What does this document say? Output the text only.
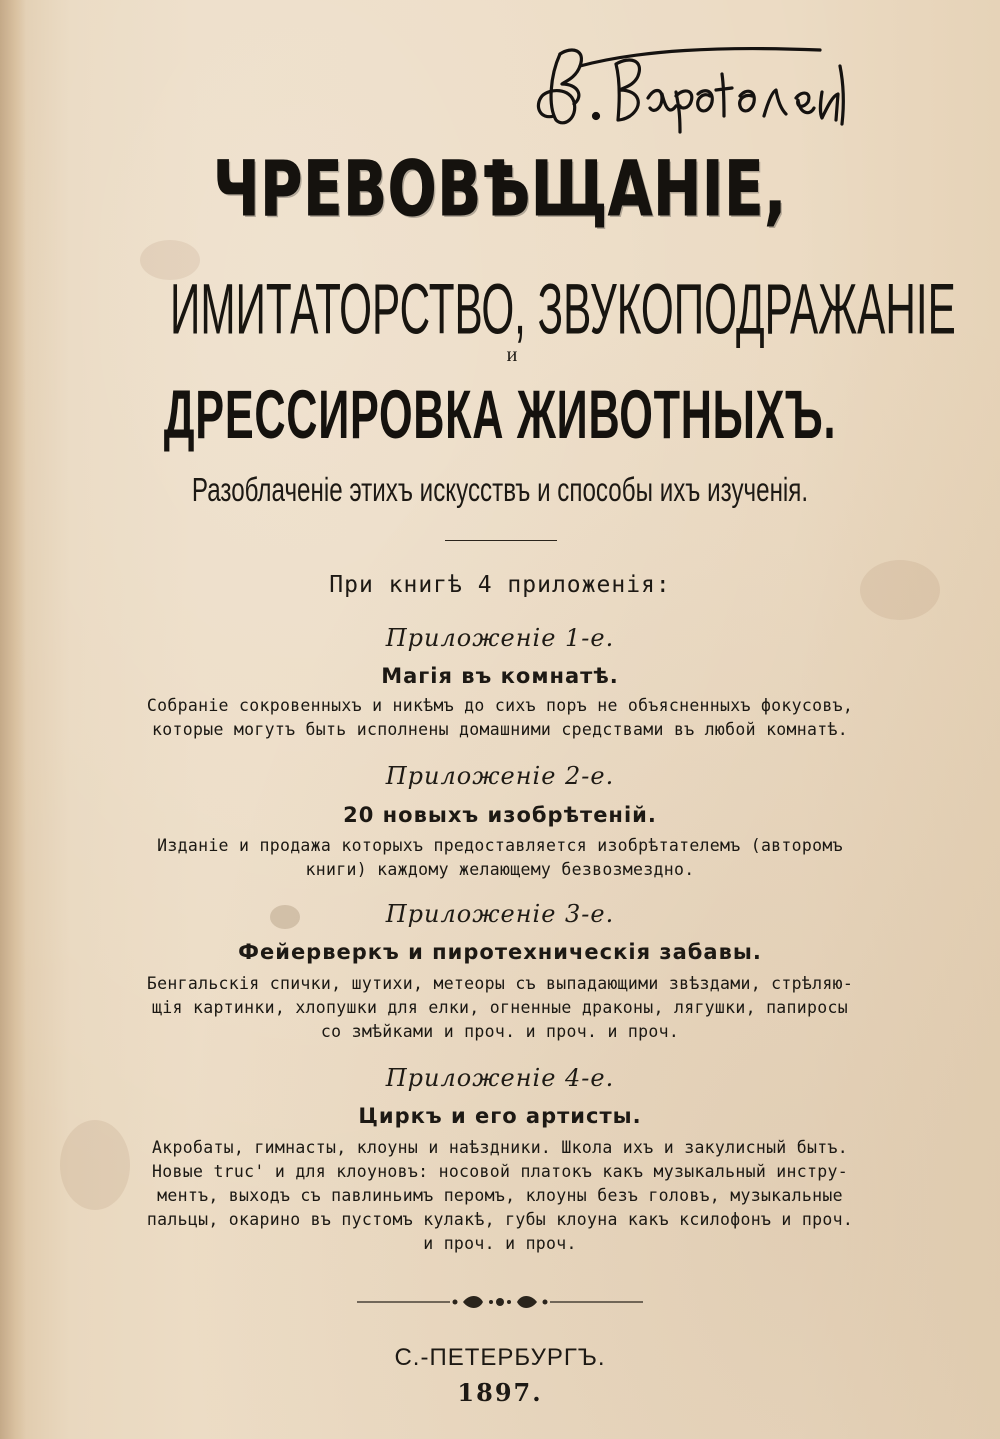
ЧРЕВОВѢЩАНІЕ,
ИМИТАТОРСТВО, ЗВУКОПОДРАЖАНІЕ
и
ДРЕССИРОВКА ЖИВОТНЫХЪ.
Разоблаченіе этихъ искусствъ и способы ихъ изученія.
При книгѣ 4 приложенія:
Приложеніе 1-е.
Магія въ комнатѣ.
Собраніе сокровенныхъ и никѣмъ до сихъ поръ не объясненныхъ фокусовъ,
которые могутъ быть исполнены домашними средствами въ любой комнатѣ.
Приложеніе 2-е.
20 новыхъ изобрѣтеній.
Изданіе и продажа которыхъ предоставляется изобрѣтателемъ (авторомъ
книги) каждому желающему безвозмездно.
Приложеніе 3-е.
Фейерверкъ и пиротехническія забавы.
Бенгальскія спички, шутихи, метеоры съ выпадающими звѣздами, стрѣляю-
щія картинки, хлопушки для елки, огненные драконы, лягушки, папиросы
со змѣйками и проч. и проч. и проч.
Приложеніе 4-е.
Циркъ и его артисты.
Акробаты, гимнасты, клоуны и наѣздники. Школа ихъ и закулисный бытъ.
Новые truc' и для клоуновъ: носовой платокъ какъ музыкальный инстру-
ментъ, выходъ съ павлиньимъ перомъ, клоуны безъ головъ, музыкальные
пальцы, окарино въ пустомъ кулакѣ, губы клоуна какъ ксилофонъ и проч.
и проч. и проч.
С.-ПЕТЕРБУРГЪ.
1897.
